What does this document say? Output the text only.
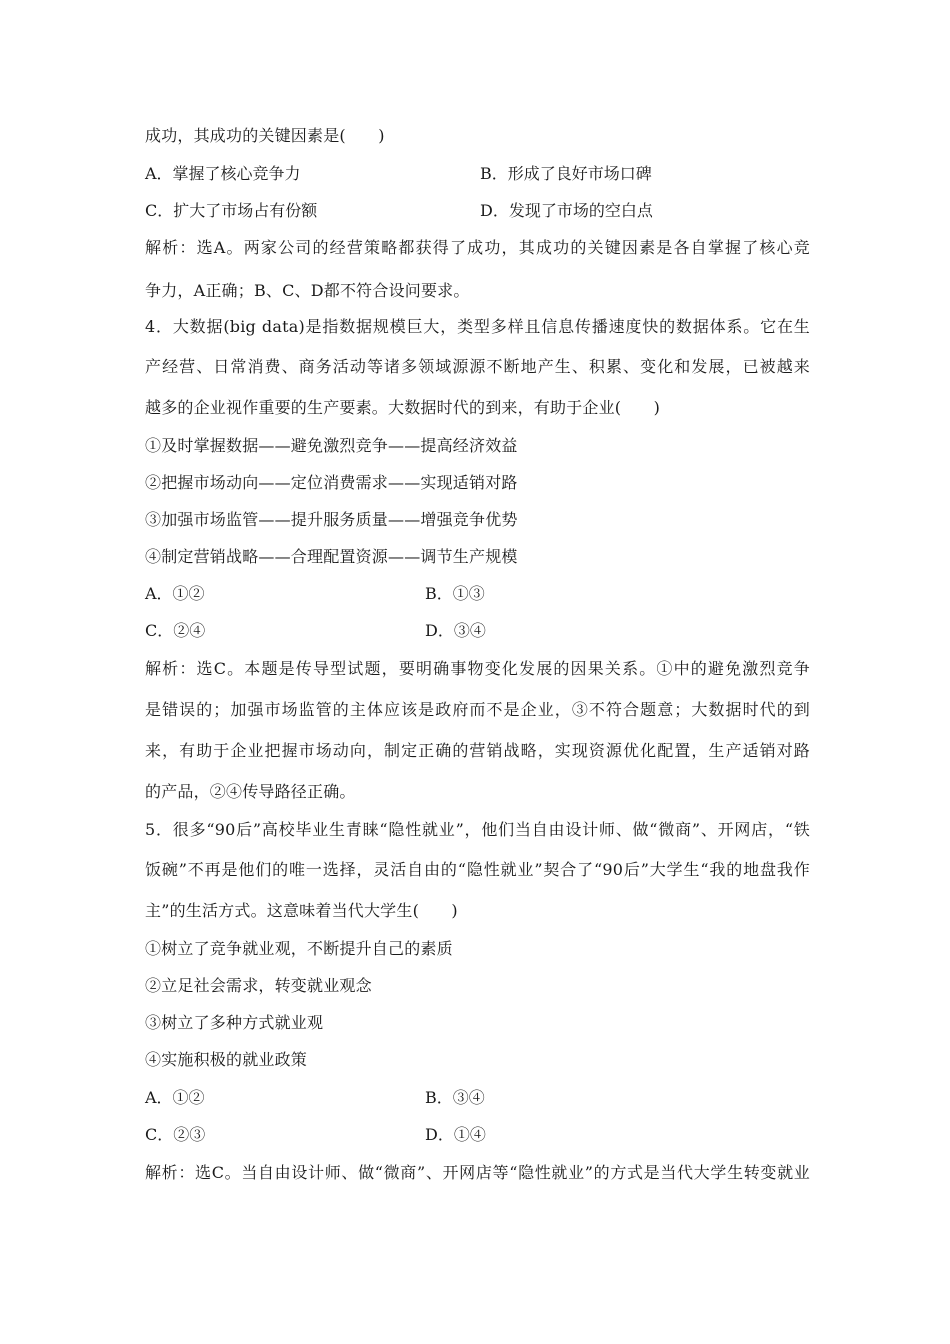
成功，其成功的关键因素是(　　)
A．掌握了核心竞争力	B．形成了良好市场口碑
C．扩大了市场占有份额	D．发现了市场的空白点
解析：选A。两家公司的经营策略都获得了成功，其成功的关键因素是各自掌握了核心竞
争力，A正确；B、C、D都不符合设问要求。
4．大数据(big data)是指数据规模巨大，类型多样且信息传播速度快的数据体系。它在生
产经营、日常消费、商务活动等诸多领域源源不断地产生、积累、变化和发展，已被越来
越多的企业视作重要的生产要素。大数据时代的到来，有助于企业(　　)
①及时掌握数据——避免激烈竞争——提高经济效益
②把握市场动向——定位消费需求——实现适销对路
③加强市场监管——提升服务质量——增强竞争优势
④制定营销战略——合理配置资源——调节生产规模
A．①②	B．①③
C．②④	D．③④
解析：选C。本题是传导型试题，要明确事物变化发展的因果关系。①中的避免激烈竞争
是错误的；加强市场监管的主体应该是政府而不是企业，③不符合题意；大数据时代的到
来，有助于企业把握市场动向，制定正确的营销战略，实现资源优化配置，生产适销对路
的产品，②④传导路径正确。
5．很多“90后”高校毕业生青睐“隐性就业”，他们当自由设计师、做“微商”、开网店，“铁
饭碗”不再是他们的唯一选择，灵活自由的“隐性就业”契合了“90后”大学生“我的地盘我作
主”的生活方式。这意味着当代大学生(　　)
①树立了竞争就业观，不断提升自己的素质
②立足社会需求，转变就业观念
③树立了多种方式就业观
④实施积极的就业政策
A．①②	B．③④
C．②③	D．①④
解析：选C。当自由设计师、做“微商”、开网店等“隐性就业”的方式是当代大学生转变就业
